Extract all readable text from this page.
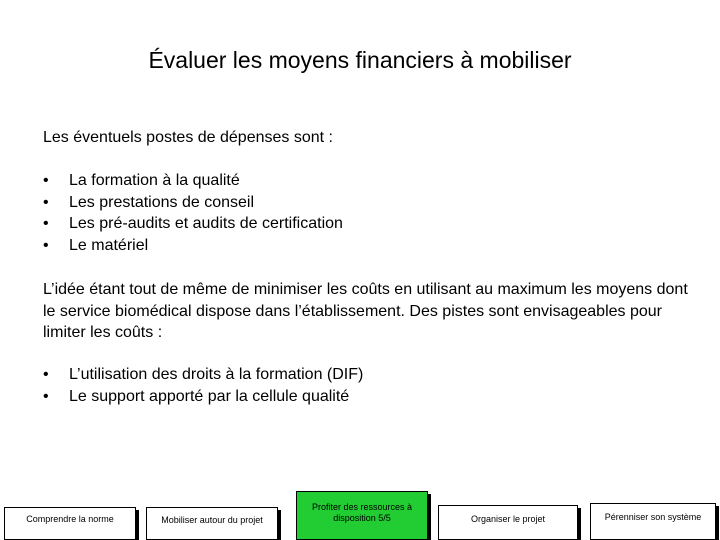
Évaluer les moyens financiers à mobiliser
Les éventuels postes de dépenses sont :
• La formation à la qualité
• Les prestations de conseil
• Les pré-audits et audits de certification
• Le matériel
L’idée étant tout de même de minimiser les coûts en utilisant au maximum les moyens dont le service biomédical dispose dans l’établissement. Des pistes sont envisageables pour limiter les coûts :
• L’utilisation des droits à la formation (DIF)
• Le support apporté par la cellule qualité
Comprendre la norme	Mobiliser autour du projet
Profiter des ressources à disposition 5/5	Organiser le projet	Pérenniser son système
